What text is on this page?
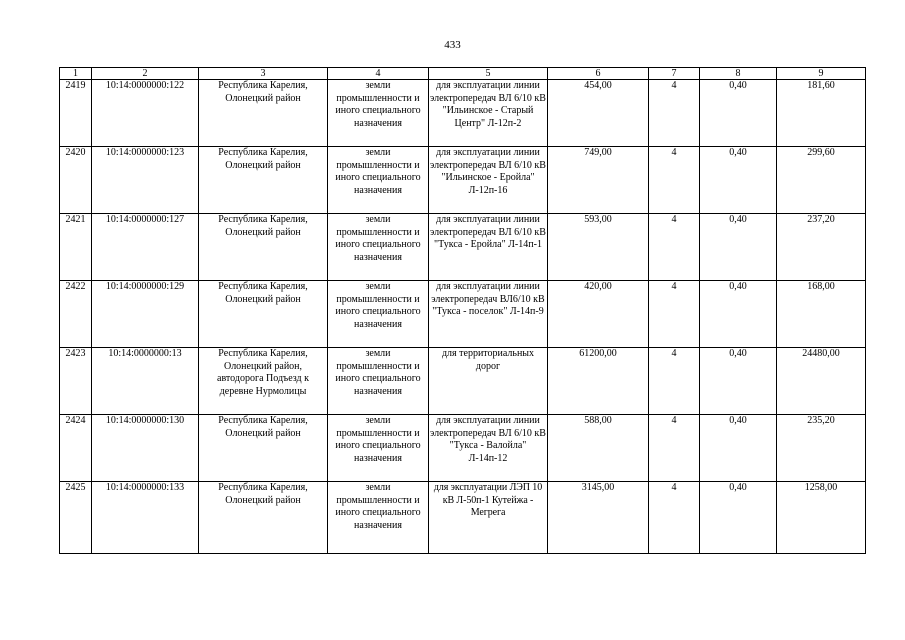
433
1	2	3	4	5	6	7	8	9
2419	10:14:0000000:122	Республика Карелия, Олонецкий район	земли промышленности и иного специального назначения	для эксплуатации линии электропередач ВЛ 6/10 кВ "Ильинское - Старый Центр" Л-12п-2	454,00	4	0,40	181,60
2420	10:14:0000000:123	Республика Карелия, Олонецкий район	земли промышленности и иного специального назначения	для эксплуатации линии электропередач ВЛ 6/10 кВ "Ильинское - Еройла" Л-12п-16	749,00	4	0,40	299,60
2421	10:14:0000000:127	Республика Карелия, Олонецкий район	земли промышленности и иного специального назначения	для эксплуатации линии электропередач ВЛ 6/10 кВ "Тукса - Еройла" Л-14п-1	593,00	4	0,40	237,20
2422	10:14:0000000:129	Республика Карелия, Олонецкий район	земли промышленности и иного специального назначения	для эксплуатации линии электропередач ВЛ6/10 кВ "Тукса - поселок" Л-14п-9	420,00	4	0,40	168,00
2423	10:14:0000000:13	Республика Карелия, Олонецкий район, автодорога Подъезд к деревне Нурмолицы	земли промышленности и иного специального назначения	для территориальных дорог	61200,00	4	0,40	24480,00
2424	10:14:0000000:130	Республика Карелия, Олонецкий район	земли промышленности и иного специального назначения	для эксплуатации линии электропередач ВЛ 6/10 кВ "Тукса - Валойла" Л-14п-12	588,00	4	0,40	235,20
2425	10:14:0000000:133	Республика Карелия, Олонецкий район	земли промышленности и иного специального назначения	для эксплуатации ЛЭП 10 кВ Л-50п-1 Кутейжа - Мегрега	3145,00	4	0,40	1258,00
